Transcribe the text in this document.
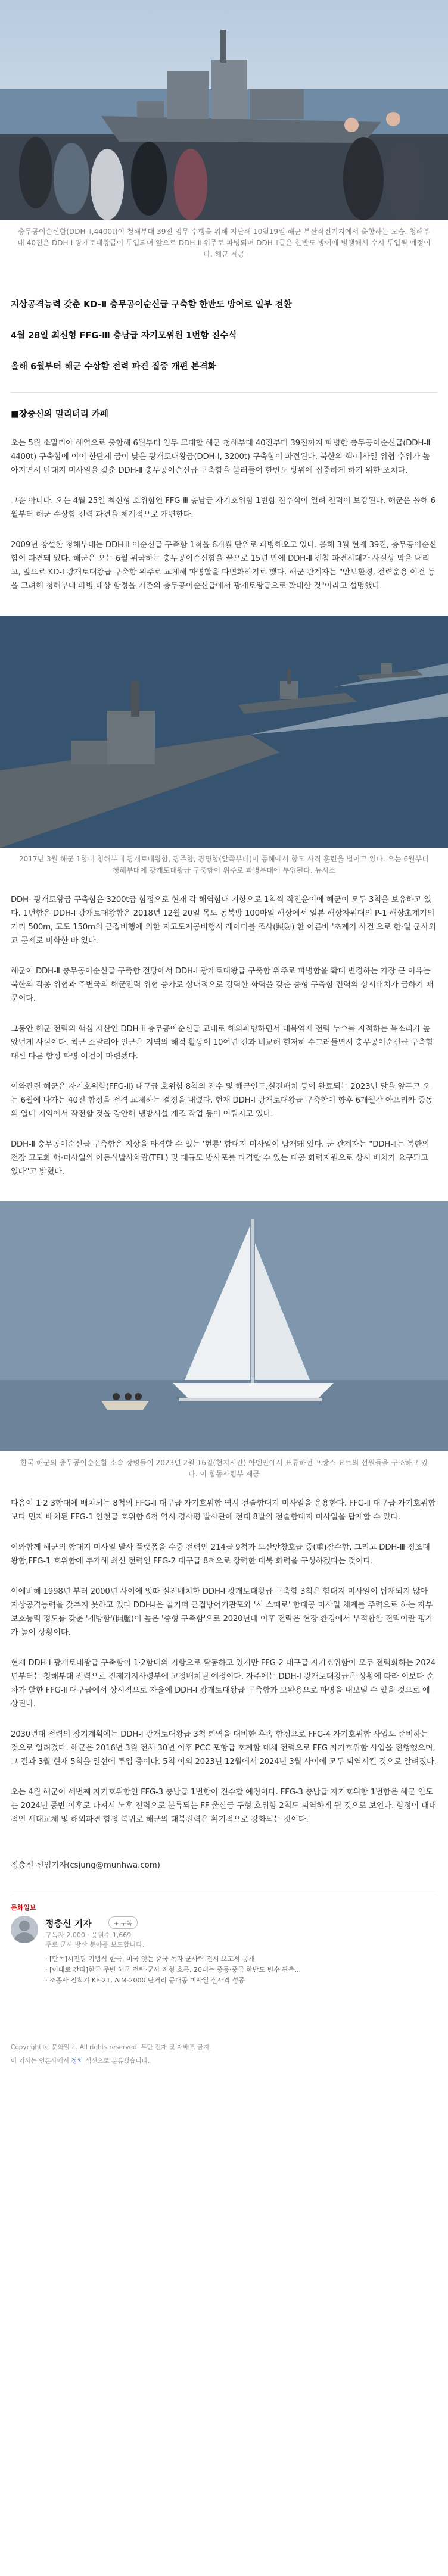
충무공이순신함(DDH-Ⅱ,4400t)이 청해부대 39진 임무 수행을 위해 지난해 10월19일 해군 부산작전기지에서 출항하는 모습. 청해부대 40진은 DDH-Ⅰ 광개토대왕급이 투입되며 앞으로 DDH-Ⅱ 위주로 파병되며 DDH-Ⅱ급은 한반도 방어에 병행해서 수시 투입될 예정이다. 해군 제공

지상공격능력 갖춘 KD-Ⅱ 충무공이순신급 구축함 한반도 방어로 일부 전환

4월 28일 최신형 FFG-Ⅲ 충남급 자기모위원 1번함 진수식

올해 6월부터 해군 수상함 전력 파견 집중 개편 본격화

■장중신의 밀리터리 카페

오는 5월 소말리아 해역으로 출항해 6월부터 임무 교대할 해군 청해부대 40진부터 39진까지 파병한 충무공이순신급(DDH-Ⅱ 4400t) 구축함에 이어 한단계 급이 낮은 광개토대왕급(DDH-Ⅰ, 3200t) 구축함이 파견된다. 북한의 핵·미사일 위협 수위가 높아지면서 탄대지 미사일을 갖춘 DDH-Ⅱ 충무공이순신급 구축함을 불러들여 한반도 방위에 집중하게 하기 위한 조치다.

그뿐 아니다. 오는 4월 25일 최신형 호위함인 FFG-Ⅲ 충남급 자기호위함 1번함 진수식이 열려 전력이 보강된다. 해군은 올해 6월부터 해군 수상함 전력 파견을 체계적으로 개편한다.

2009년 창설한 청해부대는 DDH-Ⅱ 이순신급 구축함 1척을 6개월 단위로 파병해오고 있다. 올해 3월 현재 39진, 충무공이순신함이 파견돼 있다. 해군은 오는 6월 위국하는 충무공이순신함을 끝으로 15년 만에 DDH-Ⅱ 전참 파견시대가 사실상 막을 내리고, 앞으로 KD-Ⅰ 광개토대왕급 구축함 위주로 교체해 파병할을 다변화하기로 했다. 해군 관계자는 "안보환경, 전력운용 여건 등을 고려해 청해부대 파병 대상 함정을 기존의 충무공이순신급에서 광개토왕급으로 확대한 것"이라고 설명했다.

2017년 3월 해군 1함대 청해부대 광개토대왕함, 광주함, 광명함(앞쪽부터)이 동해에서 항모 사격 훈련을 벌이고 있다. 오는 6월부터 청해부대에 광개토대왕급 구축함이 위주로 파병부대에 투입된다. 뉴시스

DDH- 광개토왕급 구축함은 3200t급 함정으로 현재 각 해역함대 기항으로 1척씩 작전운이에 해군이 모두 3척을 보유하고 있다. 1번함은 DDH-Ⅰ 광개토대왕함은 2018년 12월 20일 목도 동북방 100마일 해상에서 일본 해상자위대의 P-1 해상초계기의 거리 500m, 고도 150m의 근접비행에 의한 지고도저공비행시 레이더를 조사(照射) 한 이른바 '초계기 사건'으로 한·일 군사외교 문제로 비화한 바 있다.

해군이 DDH-Ⅱ 충무공이순신급 구축함 전망에서 DDH-Ⅰ 광개토대왕급 구축함 위주로 파병함을 확대 변경하는 가장 큰 이유는 북한의 각종 위협과 주변국의 해군전력 위협 증가로 상대적으로 강력한 화력을 갖춘 중형 구축함 전력의 상시배치가 급하기 때문이다.

그동안 해군 전력의 핵심 자산인 DDH-Ⅱ 충무공이순신급 교대로 해외파병하면서 대북억제 전력 누수를 지적하는 목소리가 높았던게 사실이다. 최근 소말리아 인근은 지역의 해적 활동이 10여년 전과 비교해 현저히 수그러들면서 충무공이순신급 구축함 대신 다른 함정 파병 여건이 마련됐다.

이와관련 해군은 자기호위함(FFG-Ⅱ) 대구급 호위함 8척의 전수 및 해군인도,실전배치 등이 완료되는 2023년 말을 앞두고 오는 6월에 나가는 40진 함정을 전격 교체하는 결정을 내렸다. 현재 DDH-Ⅰ 광개토대왕급 구축함이 향후 6개월간 아프리카 중동의 열대 지역에서 작전할 것을 감안해 냉방시설 개조 작업 등이 이뤄지고 있다.

DDH-Ⅱ 충무공이순신급 구축함은 지상을 타격할 수 있는 '현룡' 함대지 미사일이 탑재돼 있다. 군 관계자는 "DDH-Ⅱ는 북한의 전장 고도화 핵·미사일의 이동식발사차량(TEL) 및 대규모 방사포를 타격할 수 있는 대공 화력지원으로 상시 배치가 요구되고 있다"고 밝혔다.

한국 해군의 충무공이순신함 소속 장병들이 2023년 2월 16일(현지시간) 아덴만에서 표류하던 프랑스 요트의 선원들을 구조하고 있다. 이 합동사령부 제공

다음이 1·2·3함대에 배치되는 8척의 FFG-Ⅱ 대구급 자기호위함 역시 전술함대지 미사일을 운용한다. FFG-Ⅱ 대구급 자기호위함 보다 먼저 배치된 FFG-1 인천급 호위함 6척 역시 경사평 발사관에 전대 8발의 전술함대지 미사일을 탑재할 수 있다.

이와함께 해군의 함대지 미사일 발사 플랫폼을 수중 전력인 214급 9척과 도산안창호급 중(重)잠수함, 그리고 DDH-Ⅲ 정조대왕함,FFG-1 호위함에 추가해 최신 전력인 FFG-2 대구급 8척으로 강력한 대북 화력을 구성하겠다는 것이다.

이에비해 1998년 부터 2000년 사이에 잇따 실전배치한 DDH-Ⅰ 광개토대왕급 구축함 3척은 함대지 미사일이 탑재되지 않아 지상공격능력을 갖추지 못하고 있다 DDH-Ⅰ은 골키퍼 근접방어기관포와 '시 스패로' 함대공 미사일 체계를 주력으로 하는 자부 보호능력 정도를 갖춘 '개방함'(開艦)이 높은 '중형 구축함'으로 2020년대 이후 전략은 현장 환경에서 부적합한 전력이란 평가가 높이 상황이다.

현재 DDH-Ⅰ 광개토대왕급 구축함이 1·2함대의 기함으로 활동하고 있지만 FFG-2 대구급 자기호위함이 모두 전력화하는 2024년부터는 청해부대 전력으로 진제기지사령부에 고정배치될 예정이다. 자주에는 DDH-Ⅰ 광개토대왕급은 상황에 따라 이보다 순차가 할한 FFG-Ⅱ 대구급에서 상시적으로 자율에 DDH-Ⅰ 광개토대왕급 구축함과 보완용으로 파병을 내보낼 수 있을 것으로 예상된다.

2030년대 전력의 장기계획에는 DDH-Ⅰ 광개토대왕급 3척 퇴역을 대비한 후속 함정으로 FFG-4 자기호위함 사업도 준비하는 것으로 알려졌다. 해군은 2016년 3월 전체 30년 이후 PCC 포항급 호계함 대체 전력으로 FFG 자기호위함 사업을 진행했으며, 그 결과 3월 현재 5척을 일선에 투입 중이다. 5척 이외 2023년 12월에서 2024년 3월 사이에 모두 퇴역시킬 것으로 알려졌다.

오는 4월 해군이 세번째 자기호위함인 FFG-3 충남급 1번함이 진수할 예정이다. FFG-3 충남급 자기호위함 1번함은 해군 인도는 2024년 중반 이후로 다져서 노후 전력으로 분류되는 FF 울산급 구형 호위함 2척도 퇴역하게 될 것으로 보인다. 함정이 대대적인 세대교체 및 해외파견 함정 복귀로 해군의 대북전력은 획기적으로 강화되는 것이다.

정충신 선임기자(csjung@munhwa.com)
문화일보
정충신 기자	+ 구독
구독자 2,000 · 응원수 1,669
주로 군사 방산 분야를 보도합니다.
· [단독]시진핑 기념식 한국, 미국 잇는 중국 독자 군사력 전시 보고서 공개
· [이대로 간다]한국 주변 해군 전력·군사 지형 흐름, 20대는 중동·중국 한반도 변수 관측...
· 조종사 진척기 KF-21, AIM-2000 단거리 공대공 미사일 실사격 성공
Copyright ⓒ 문화일보. All rights reserved. 무단 전재 및 재배포 금지.
이 기사는 언론사에서 정치 섹션으로 분류했습니다.
